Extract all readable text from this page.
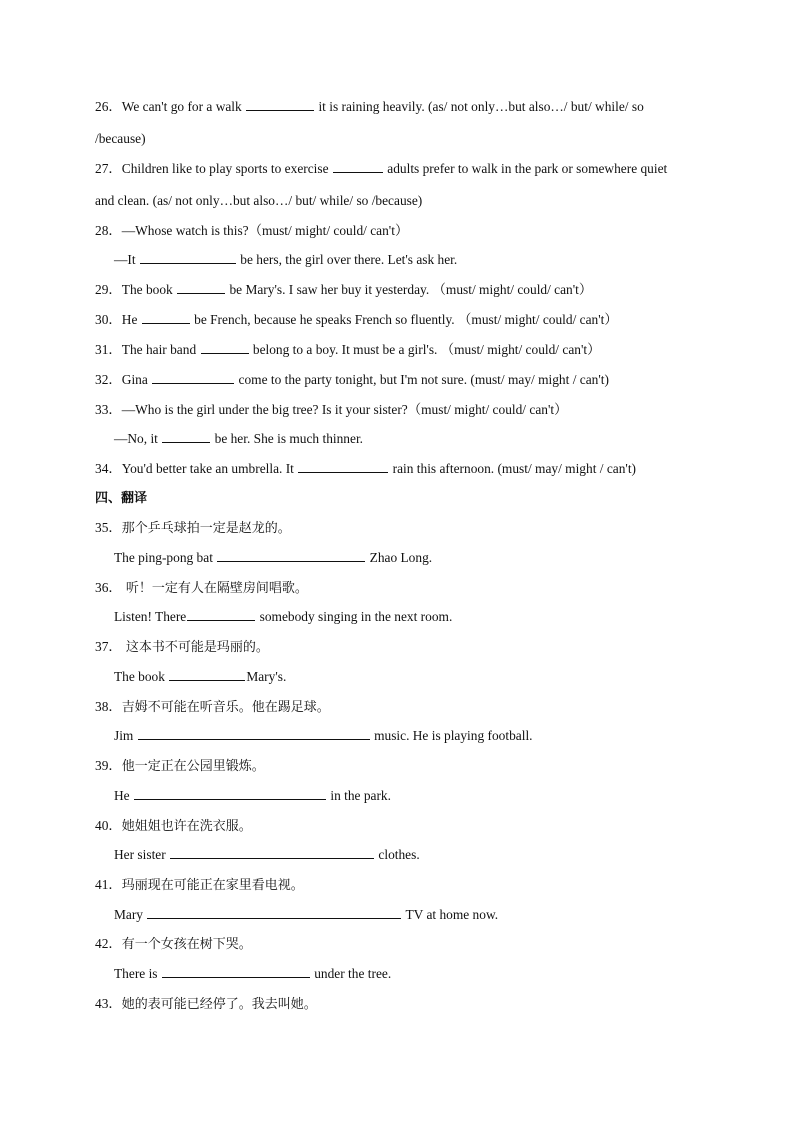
26．We can't go for a walk	it is raining heavily. (as/ not only…but also…/ but/ while/ so
/because)
27．Children like to play sports to exercise	adults prefer to walk in the park or somewhere quiet
and clean. (as/ not only…but also…/ but/ while/ so /because)
28．—Whose watch is this?（must/ might/ could/ can't）
—It	be hers, the girl over there. Let's ask her.
29．The book	be Mary's. I saw her buy it yesterday. （must/ might/ could/ can't）
30．He	be French, because he speaks French so fluently. （must/ might/ could/ can't）
31．The hair band	belong to a boy. It must be a girl's. （must/ might/ could/ can't）
32．Gina	come to the party tonight, but I'm not sure. (must/ may/ might / can't)
33．—Who is the girl under the big tree? Is it your sister?（must/ might/ could/ can't）
—No, it	be her. She is much thinner.
34．You'd better take an umbrella. It	rain this afternoon. (must/ may/ might / can't)
四、翻译
35．那个乒乓球拍一定是赵龙的。
The ping-pong bat	Zhao Long.
36． 听！一定有人在隔壁房间唱歌。
Listen! There	somebody singing in the next room.
37． 这本书不可能是玛丽的。
The book	Mary's.
38．吉姆不可能在听音乐。他在踢足球。
Jim	music. He is playing football.
39．他一定正在公园里锻炼。
He	in the park.
40．她姐姐也许在洗衣服。
Her sister	clothes.
41．玛丽现在可能正在家里看电视。
Mary	TV at home now.
42．有一个女孩在树下哭。
There is	under the tree.
43．她的表可能已经停了。我去叫她。
